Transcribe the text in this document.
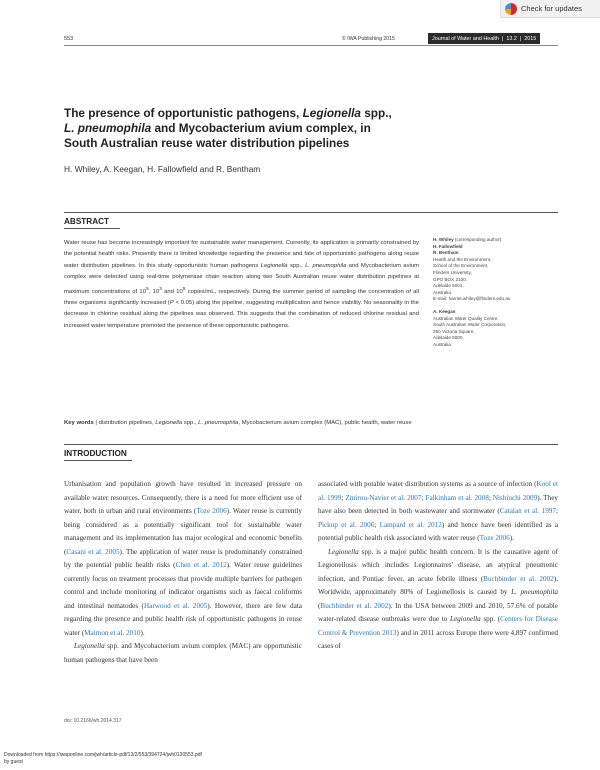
Check for updates
553	© IWA Publishing 2015	Journal of Water and Health | 13.2 | 2015
The presence of opportunistic pathogens, Legionella spp.,
L. pneumophila and Mycobacterium avium complex, in
South Australian reuse water distribution pipelines
H. Whiley, A. Keegan, H. Fallowfield and R. Bentham
ABSTRACT
Water reuse has become increasingly important for sustainable water management. Currently, its application is primarily constrained by the potential health risks. Presently there is limited knowledge regarding the presence and fate of opportunistic pathogens along reuse water distribution pipelines. In this study opportunistic human pathogens Legionella spp., L. pneumophila and Mycobacterium avium complex were detected using real-time polymerase chain reaction along two South Australian reuse water distribution pipelines at maximum concentrations of $10^5$, $10^3$ and $10^5$ copies/mL, respectively. During the summer period of sampling the concentration of all three organisms significantly increased (P < 0.05) along the pipeline, suggesting multiplication and hence viability. No seasonality in the decrease in chlorine residual along the pipelines was observed. This suggests that the combination of reduced chlorine residual and increased water temperature promoted the presence of these opportunistic pathogens.
Key words | distribution pipelines, Legionella spp., L. pneumophila, Mycobacterium avium complex (MAC), public health, water reuse
H. Whiley (corresponding author)
H. Fallowfield
R. Bentham
Health and the Environment,
School of the Environment,
Flinders University,
GPO BOX 2100,
Adelaide 5001,
Australia
E-mail: harriet.whiley@flinders.edu.au
A. Keegan
Australian Water Quality Centre,
South Australian Water Corporation,
250 Victoria Square,
Adelaide 5000,
Australia
INTRODUCTION

Urbanisation and population growth have resulted in increased pressure on available water resources. Consequently, there is a need for more efficient use of water, both in urban and rural environments (Toze 2006). Water reuse is currently being considered as a potentially significant tool for sustainable water management and its implementation has major ecological and economic benefits (Casani et al. 2005). The application of water reuse is predominately constrained by the potential public health risks (Chen et al. 2012). Water reuse guidelines currently focus on treatment processes that provide multiple barriers for pathogen control and include monitoring of indicator organisms such as faecal coliforms and intestinal nematodes (Harwood et al. 2005). However, there are few data regarding the presence and public health risk of opportunistic pathogens in reuse water (Maimon et al. 2010).

Legionella spp. and Mycobacterium avium complex (MAC) are opportunistic human pathogens that have been

associated with potable water distribution systems as a source of infection (Kool et al. 1999; Zmirou-Navier et al. 2007; Falkinham et al. 2008; Nishiuchi 2009). They have also been detected in both wastewater and stormwater (Catalan et al. 1997; Pickup et al. 2006; Lampard et al. 2012) and hence have been identified as a potential public health risk associated with water reuse (Toze 2006).

Legionella spp. is a major public health concern. It is the causative agent of Legionellosis which includes Legionnaires' disease, an atypical pneumonic infection, and Pontiac fever, an acute febrile illness (Buchbinder et al. 2002). Worldwide, approximately 80% of Legionellosis is caused by L. pneumophila (Buchbinder et al. 2002). In the USA between 2009 and 2010, 57.6% of potable water-related disease outbreaks were due to Legionella spp. (Centers for Disease Control & Prevention 2013) and in 2011 across Europe there were 4,897 confirmed cases of

doi: 10.2166/wh.2014.317
Downloaded from https://iwaponline.com/jwh/article-pdf/13/2/553/394724/jwh0130553.pdf
by guest
